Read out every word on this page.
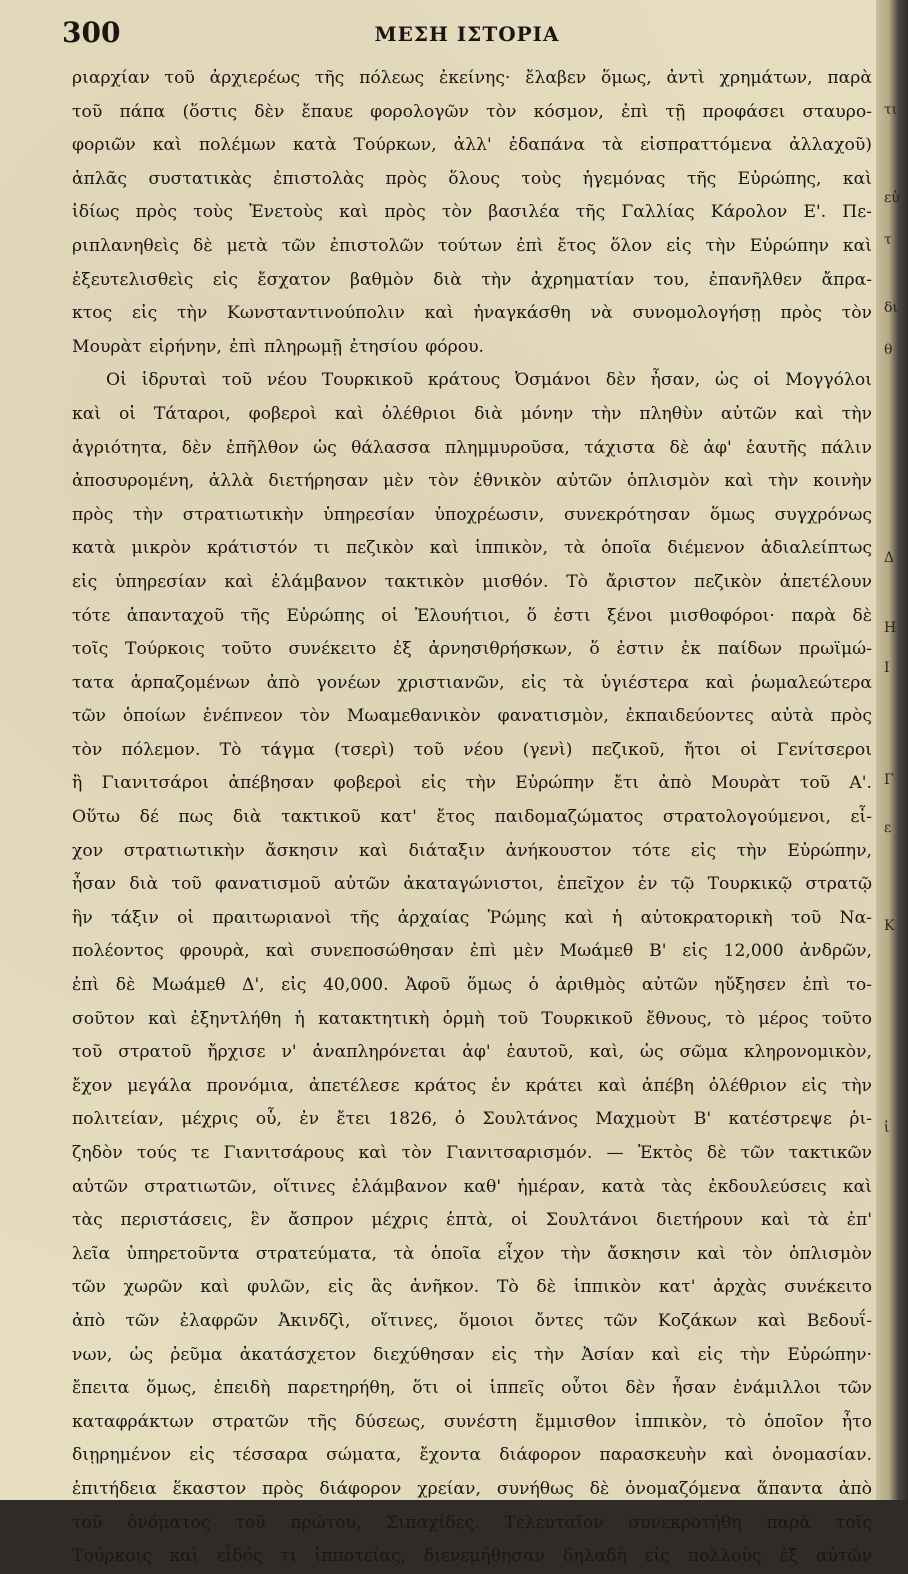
300	ΜΕΣΗ ΙΣΤΟΡΙΑ
ριαρχίαν τοῦ ἀρχιερέως τῆς πόλεως ἐκείνης· ἔλαβεν ὅμως, ἀντὶ χρημάτων, παρὰ
τοῦ πάπα (ὅστις δὲν ἔπαυε φορολογῶν τὸν κόσμον, ἐπὶ τῇ προφάσει σταυρο-
φοριῶν καὶ πολέμων κατὰ Τούρκων, ἀλλ' ἐδαπάνα τὰ εἰσπραττόμενα ἀλλαχοῦ)
ἁπλᾶς συστατικὰς ἐπιστολὰς πρὸς ὅλους τοὺς ἡγεμόνας τῆς Εὐρώπης, καὶ
ἰδίως πρὸς τοὺς Ἐνετοὺς καὶ πρὸς τὸν βασιλέα τῆς Γαλλίας Κάρολον Ε'. Πε-
ριπλανηθεὶς δὲ μετὰ τῶν ἐπιστολῶν τούτων ἐπὶ ἔτος ὅλον εἰς τὴν Εὐρώπην καὶ
ἐξευτελισθεὶς εἰς ἔσχατον βαθμὸν διὰ τὴν ἀχρηματίαν του, ἐπανῆλθεν ἄπρα-
κτος εἰς τὴν Κωνσταντινούπολιν καὶ ἠναγκάσθη νὰ συνομολογήσῃ πρὸς τὸν
Μουρὰτ εἰρήνην, ἐπὶ πληρωμῇ ἐτησίου φόρου.
Οἱ ἱδρυταὶ τοῦ νέου Τουρκικοῦ κράτους Ὀσμάνοι δὲν ἦσαν, ὡς οἱ Μογγόλοι
καὶ οἱ Τάταροι, φοβεροὶ καὶ ὀλέθριοι διὰ μόνην τὴν πληθὺν αὐτῶν καὶ τὴν
ἀγριότητα, δὲν ἐπῆλθον ὡς θάλασσα πλημμυροῦσα, τάχιστα δὲ ἀφ' ἑαυτῆς πάλιν
ἀποσυρομένη, ἀλλὰ διετήρησαν μὲν τὸν ἐθνικὸν αὐτῶν ὁπλισμὸν καὶ τὴν κοινὴν
πρὸς τὴν στρατιωτικὴν ὑπηρεσίαν ὑποχρέωσιν, συνεκρότησαν ὅμως συγχρόνως
κατὰ μικρὸν κράτιστόν τι πεζικὸν καὶ ἱππικὸν, τὰ ὁποῖα διέμενον ἀδιαλείπτως
εἰς ὑπηρεσίαν καὶ ἐλάμβανον τακτικὸν μισθόν. Τὸ ἄριστον πεζικὸν ἀπετέλουν
τότε ἁπανταχοῦ τῆς Εὐρώπης οἱ Ἐλουήτιοι, ὅ ἐστι ξένοι μισθοφόροι· παρὰ δὲ
τοῖς Τούρκοις τοῦτο συνέκειτο ἐξ ἀρνησιθρήσκων, ὅ ἐστιν ἐκ παίδων πρωϊμώ-
τατα ἁρπαζομένων ἀπὸ γονέων χριστιανῶν, εἰς τὰ ὑγιέστερα καὶ ῥωμαλεώτερα
τῶν ὁποίων ἐνέπνεον τὸν Μωαμεθανικὸν φανατισμὸν, ἐκπαιδεύοντες αὐτὰ πρὸς
τὸν πόλεμον. Τὸ τάγμα (τσερὶ) τοῦ νέου (γενὶ) πεζικοῦ, ἤτοι οἱ Γενίτσεροι
ἢ Γιανιτσάροι ἀπέβησαν φοβεροὶ εἰς τὴν Εὐρώπην ἔτι ἀπὸ Μουρὰτ τοῦ Α'.
Οὕτω δέ πως διὰ τακτικοῦ κατ' ἔτος παιδομαζώματος στρατολογούμενοι, εἶ-
χον στρατιωτικὴν ἄσκησιν καὶ διάταξιν ἀνήκουστον τότε εἰς τὴν Εὐρώπην,
ἦσαν διὰ τοῦ φανατισμοῦ αὐτῶν ἀκαταγώνιστοι, ἐπεῖχον ἐν τῷ Τουρκικῷ στρατῷ
ἣν τάξιν οἱ πραιτωριανοὶ τῆς ἀρχαίας Ῥώμης καὶ ἡ αὐτοκρατορικὴ τοῦ Να-
πολέοντος φρουρὰ, καὶ συνεποσώθησαν ἐπὶ μὲν Μωάμεθ Β' εἰς 12,000 ἀνδρῶν,
ἐπὶ δὲ Μωάμεθ Δ', εἰς 40,000. Ἀφοῦ ὅμως ὁ ἀριθμὸς αὐτῶν ηὔξησεν ἐπὶ το-
σοῦτον καὶ ἐξηντλήθη ἡ κατακτητικὴ ὁρμὴ τοῦ Τουρκικοῦ ἔθνους, τὸ μέρος τοῦτο
τοῦ στρατοῦ ἤρχισε ν' ἀναπληρόνεται ἀφ' ἑαυτοῦ, καὶ, ὡς σῶμα κληρονομικὸν,
ἔχον μεγάλα προνόμια, ἀπετέλεσε κράτος ἐν κράτει καὶ ἀπέβη ὀλέθριον εἰς τὴν
πολιτείαν, μέχρις οὗ, ἐν ἔτει 1826, ὁ Σουλτάνος Μαχμοὺτ Β' κατέστρεψε ῥι-
ζηδὸν τούς τε Γιανιτσάρους καὶ τὸν Γιανιτσαρισμόν. — Ἐκτὸς δὲ τῶν τακτικῶν
αὐτῶν στρατιωτῶν, οἵτινες ἐλάμβανον καθ' ἡμέραν, κατὰ τὰς ἐκδουλεύσεις καὶ
τὰς περιστάσεις, ἓν ἄσπρον μέχρις ἑπτὰ, οἱ Σουλτάνοι διετήρουν καὶ τὰ ἐπ'
λεῖα ὑπηρετοῦντα στρατεύματα, τὰ ὁποῖα εἶχον τὴν ἄσκησιν καὶ τὸν ὁπλισμὸν
τῶν χωρῶν καὶ φυλῶν, εἰς ἃς ἀνῆκον. Τὸ δὲ ἱππικὸν κατ' ἀρχὰς συνέκειτο
ἀπὸ τῶν ἐλαφρῶν Ἀκινδζὶ, οἵτινες, ὅμοιοι ὄντες τῶν Κοζάκων καὶ Βεδουΐ-
νων, ὡς ῥεῦμα ἀκατάσχετον διεχύθησαν εἰς τὴν Ἀσίαν καὶ εἰς τὴν Εὐρώπην·
ἔπειτα ὅμως, ἐπειδὴ παρετηρήθη, ὅτι οἱ ἱππεῖς οὗτοι δὲν ἦσαν ἐνάμιλλοι τῶν
καταφράκτων στρατῶν τῆς δύσεως, συνέστη ἔμμισθον ἱππικὸν, τὸ ὁποῖον ἦτο
διῃρημένον εἰς τέσσαρα σώματα, ἔχοντα διάφορον παρασκευὴν καὶ ὀνομασίαν.
ἐπιτήδεια ἕκαστον πρὸς διάφορον χρείαν, συνήθως δὲ ὀνομαζόμενα ἅπαντα ἀπὸ
τοῦ ὀνόματος τοῦ πρώτου, Σιπαχίδες. Τελευταῖον συνεκροτήθη παρὰ τοῖς
Τούρκοις καὶ εἶδός τι ἱπποτείας, διενεμήθησαν δηλαδὴ εἰς πολλοὺς ἐξ αὐτῶν
τι
εὐ
τ
δι
θ
Δ
Η
Ι
Γ
ε
Κ
ἱ
